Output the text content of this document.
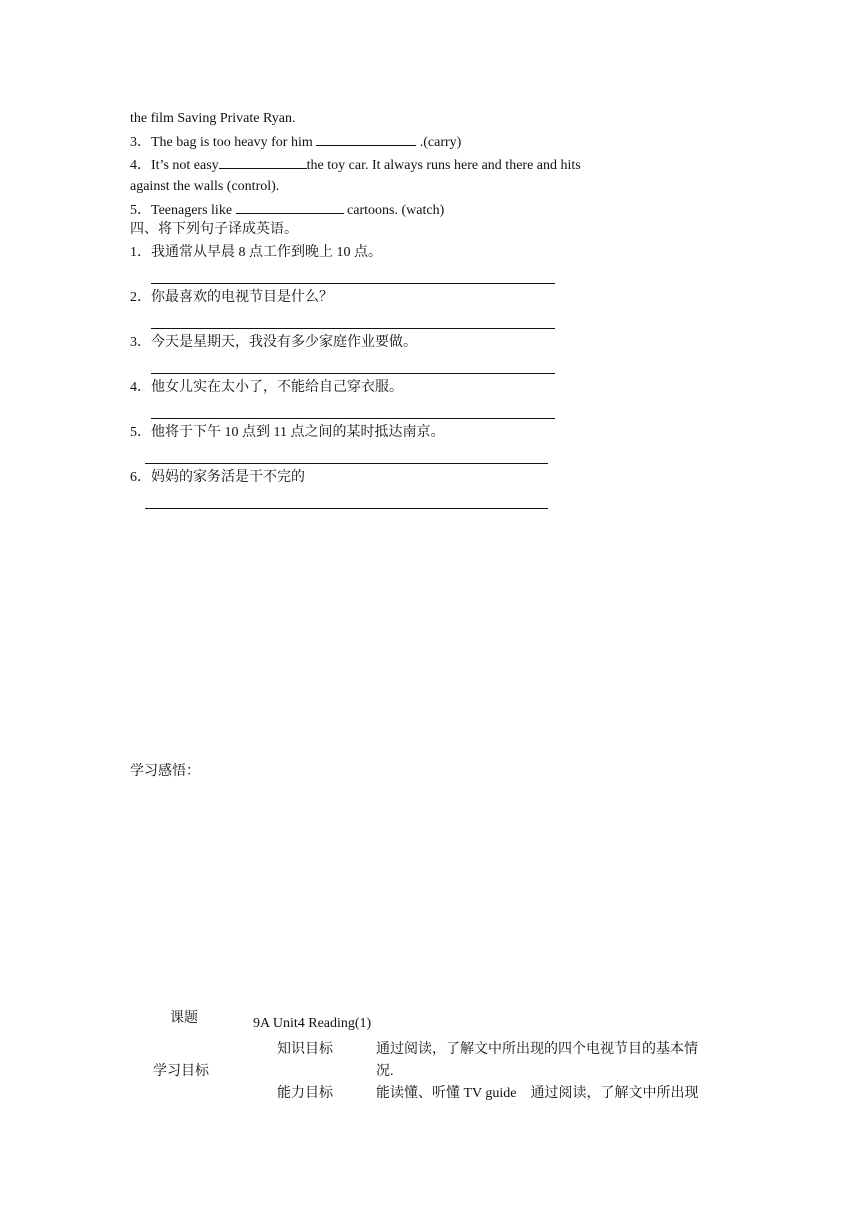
the film Saving Private Ryan.
3．The bag is too heavy for him	.(carry)
4．It’s not easy	the toy car. It always runs here and there and hits
against the walls (control).
5．Teenagers like	cartoons. (watch)
四、将下列句子译成英语。
1．我通常从早晨 8 点工作到晚上 10 点。
2．你最喜欢的电视节目是什么？
3．今天是星期天，我没有多少家庭作业要做。
4．他女儿实在太小了，不能给自己穿衣服。
5．他将于下午 10 点到 11 点之间的某时抵达南京。
6．妈妈的家务活是干不完的
学习感悟：
课题	9A Unit4 Reading(1)
学习目标
知识目标	通过阅读，了解文中所出现的四个电视节目的基本情
况.
能力目标	能读懂、听懂 TV guide　通过阅读，了解文中所出现
